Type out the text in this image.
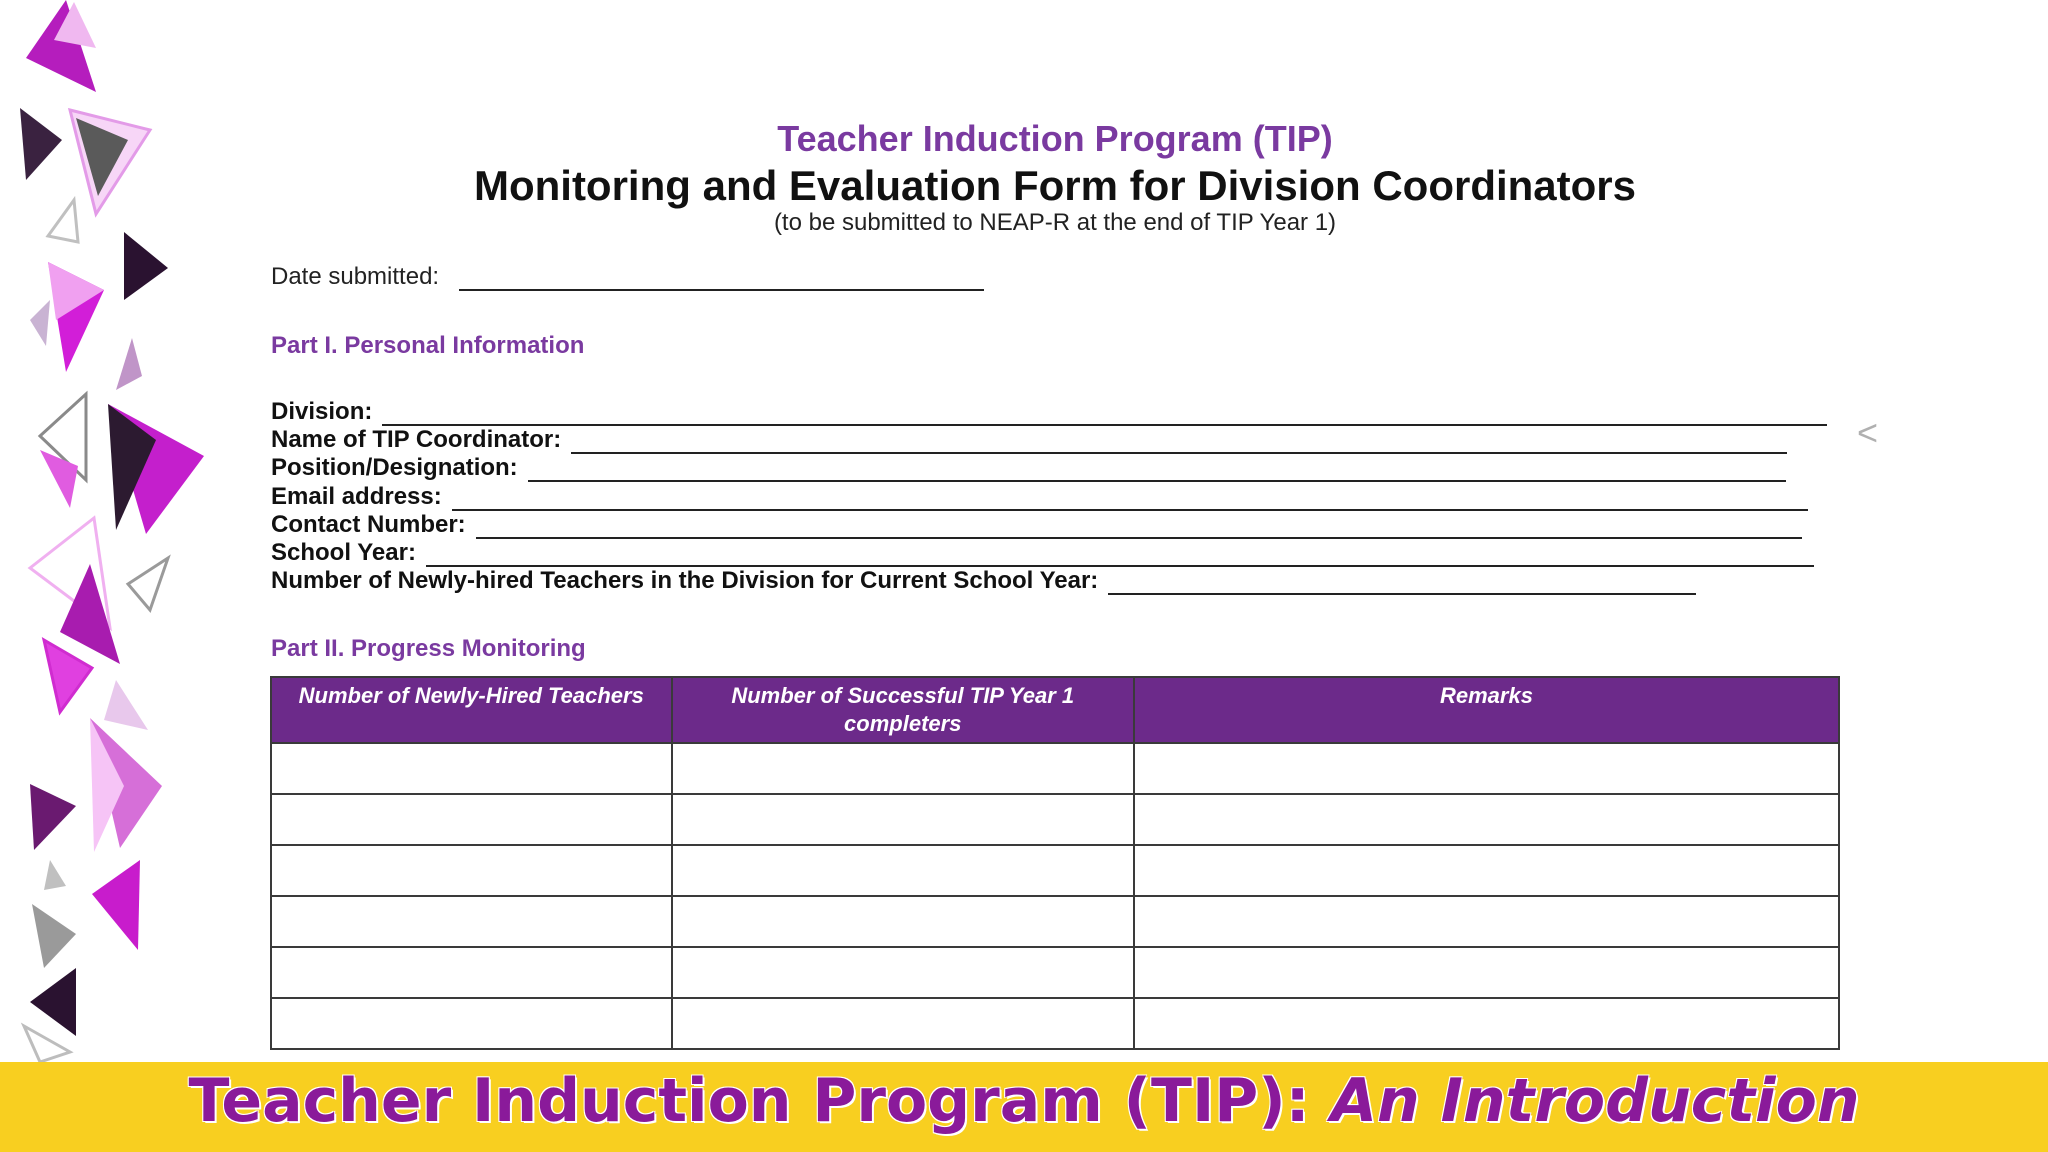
Teacher Induction Program (TIP)
Monitoring and Evaluation Form for Division Coordinators
(to be submitted to NEAP-R at the end of TIP Year 1)
Date submitted:
Part I. Personal Information
Division:
Name of TIP Coordinator:
Position/Designation:
Email address:
Contact Number:
School Year:
Number of Newly-hired Teachers in the Division for Current School Year:
<
Part II. Progress Monitoring
Number of Newly-Hired Teachers	Number of Successful TIP Year 1 completers	Remarks

Teacher Induction Program (TIP): An Introduction
